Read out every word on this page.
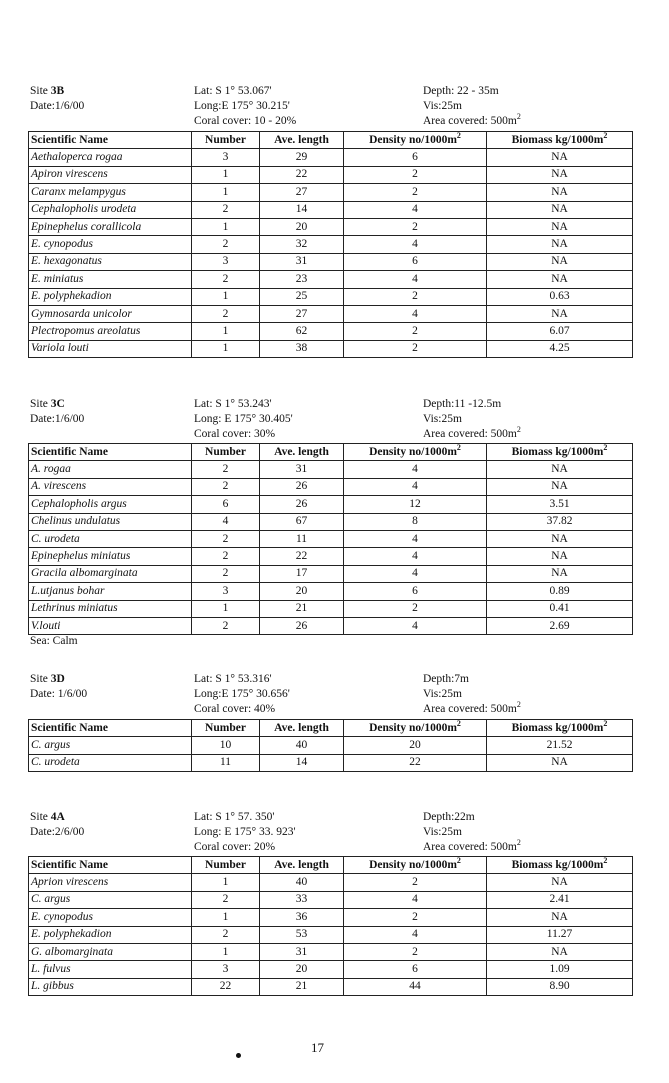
Site 3B
Date:1/6/00
Lat: S 1° 53.067'
Long:E 175° 30.215'
Coral cover: 10 - 20%
Depth: 22 - 35m
Vis:25m
Area covered: $500m^2$
Scientific Name	Number	Ave. length	Density $no/1000m^2$	Biomass $kg/1000m^2$
Aethaloperca rogaa	3	29	6	NA
Apiron virescens	1	22	2	NA
Caranx melampygus	1	27	2	NA
Cephalopholis urodeta	2	14	4	NA
Epinephelus corallicola	1	20	2	NA
E. cynopodus	2	32	4	NA
E. hexagonatus	3	31	6	NA
E. miniatus	2	23	4	NA
E. polyphekadion	1	25	2	0.63
Gymnosarda unicolor	2	27	4	NA
Plectropomus areolatus	1	62	2	6.07
Variola louti	1	38	2	4.25
Site 3C
Date:1/6/00
Lat: S 1° 53.243'
Long: E 175° 30.405'
Coral cover: 30%
Depth:11 -12.5m
Vis:25m
Area covered: $500m^2$
Scientific Name	Number	Ave. length	Density $no/1000m^2$	Biomass $kg/1000m^2$
A. rogaa	2	31	4	NA
A. virescens	2	26	4	NA
Cephalopholis argus	6	26	12	3.51
Chelinus undulatus	4	67	8	37.82
C. urodeta	2	11	4	NA
Epinephelus miniatus	2	22	4	NA
Gracila albomarginata	2	17	4	NA
L.utjanus bohar	3	20	6	0.89
Lethrinus miniatus	1	21	2	0.41
V.louti	2	26	4	2.69
Sea: Calm
Site 3D
Date: 1/6/00
Lat: S 1° 53.316'
Long:E 175° 30.656'
Coral cover: 40%
Depth:7m
Vis:25m
Area covered: $500m^2$
Scientific Name	Number	Ave. length	Density $no/1000m^2$	Biomass $kg/1000m^2$
C. argus	10	40	20	21.52
C. urodeta	11	14	22	NA
Site 4A
Date:2/6/00
Lat: S 1° 57. 350'
Long: E 175° 33. 923'
Coral cover: 20%
Depth:22m
Vis:25m
Area covered: $500m^2$
Scientific Name	Number	Ave. length	Density $no/1000m^2$	Biomass $kg/1000m^2$
Aprion virescens	1	40	2	NA
C. argus	2	33	4	2.41
E. cynopodus	1	36	2	NA
E. polyphekadion	2	53	4	11.27
G. albomarginata	1	31	2	NA
L. fulvus	3	20	6	1.09
L. gibbus	22	21	44	8.90
17
